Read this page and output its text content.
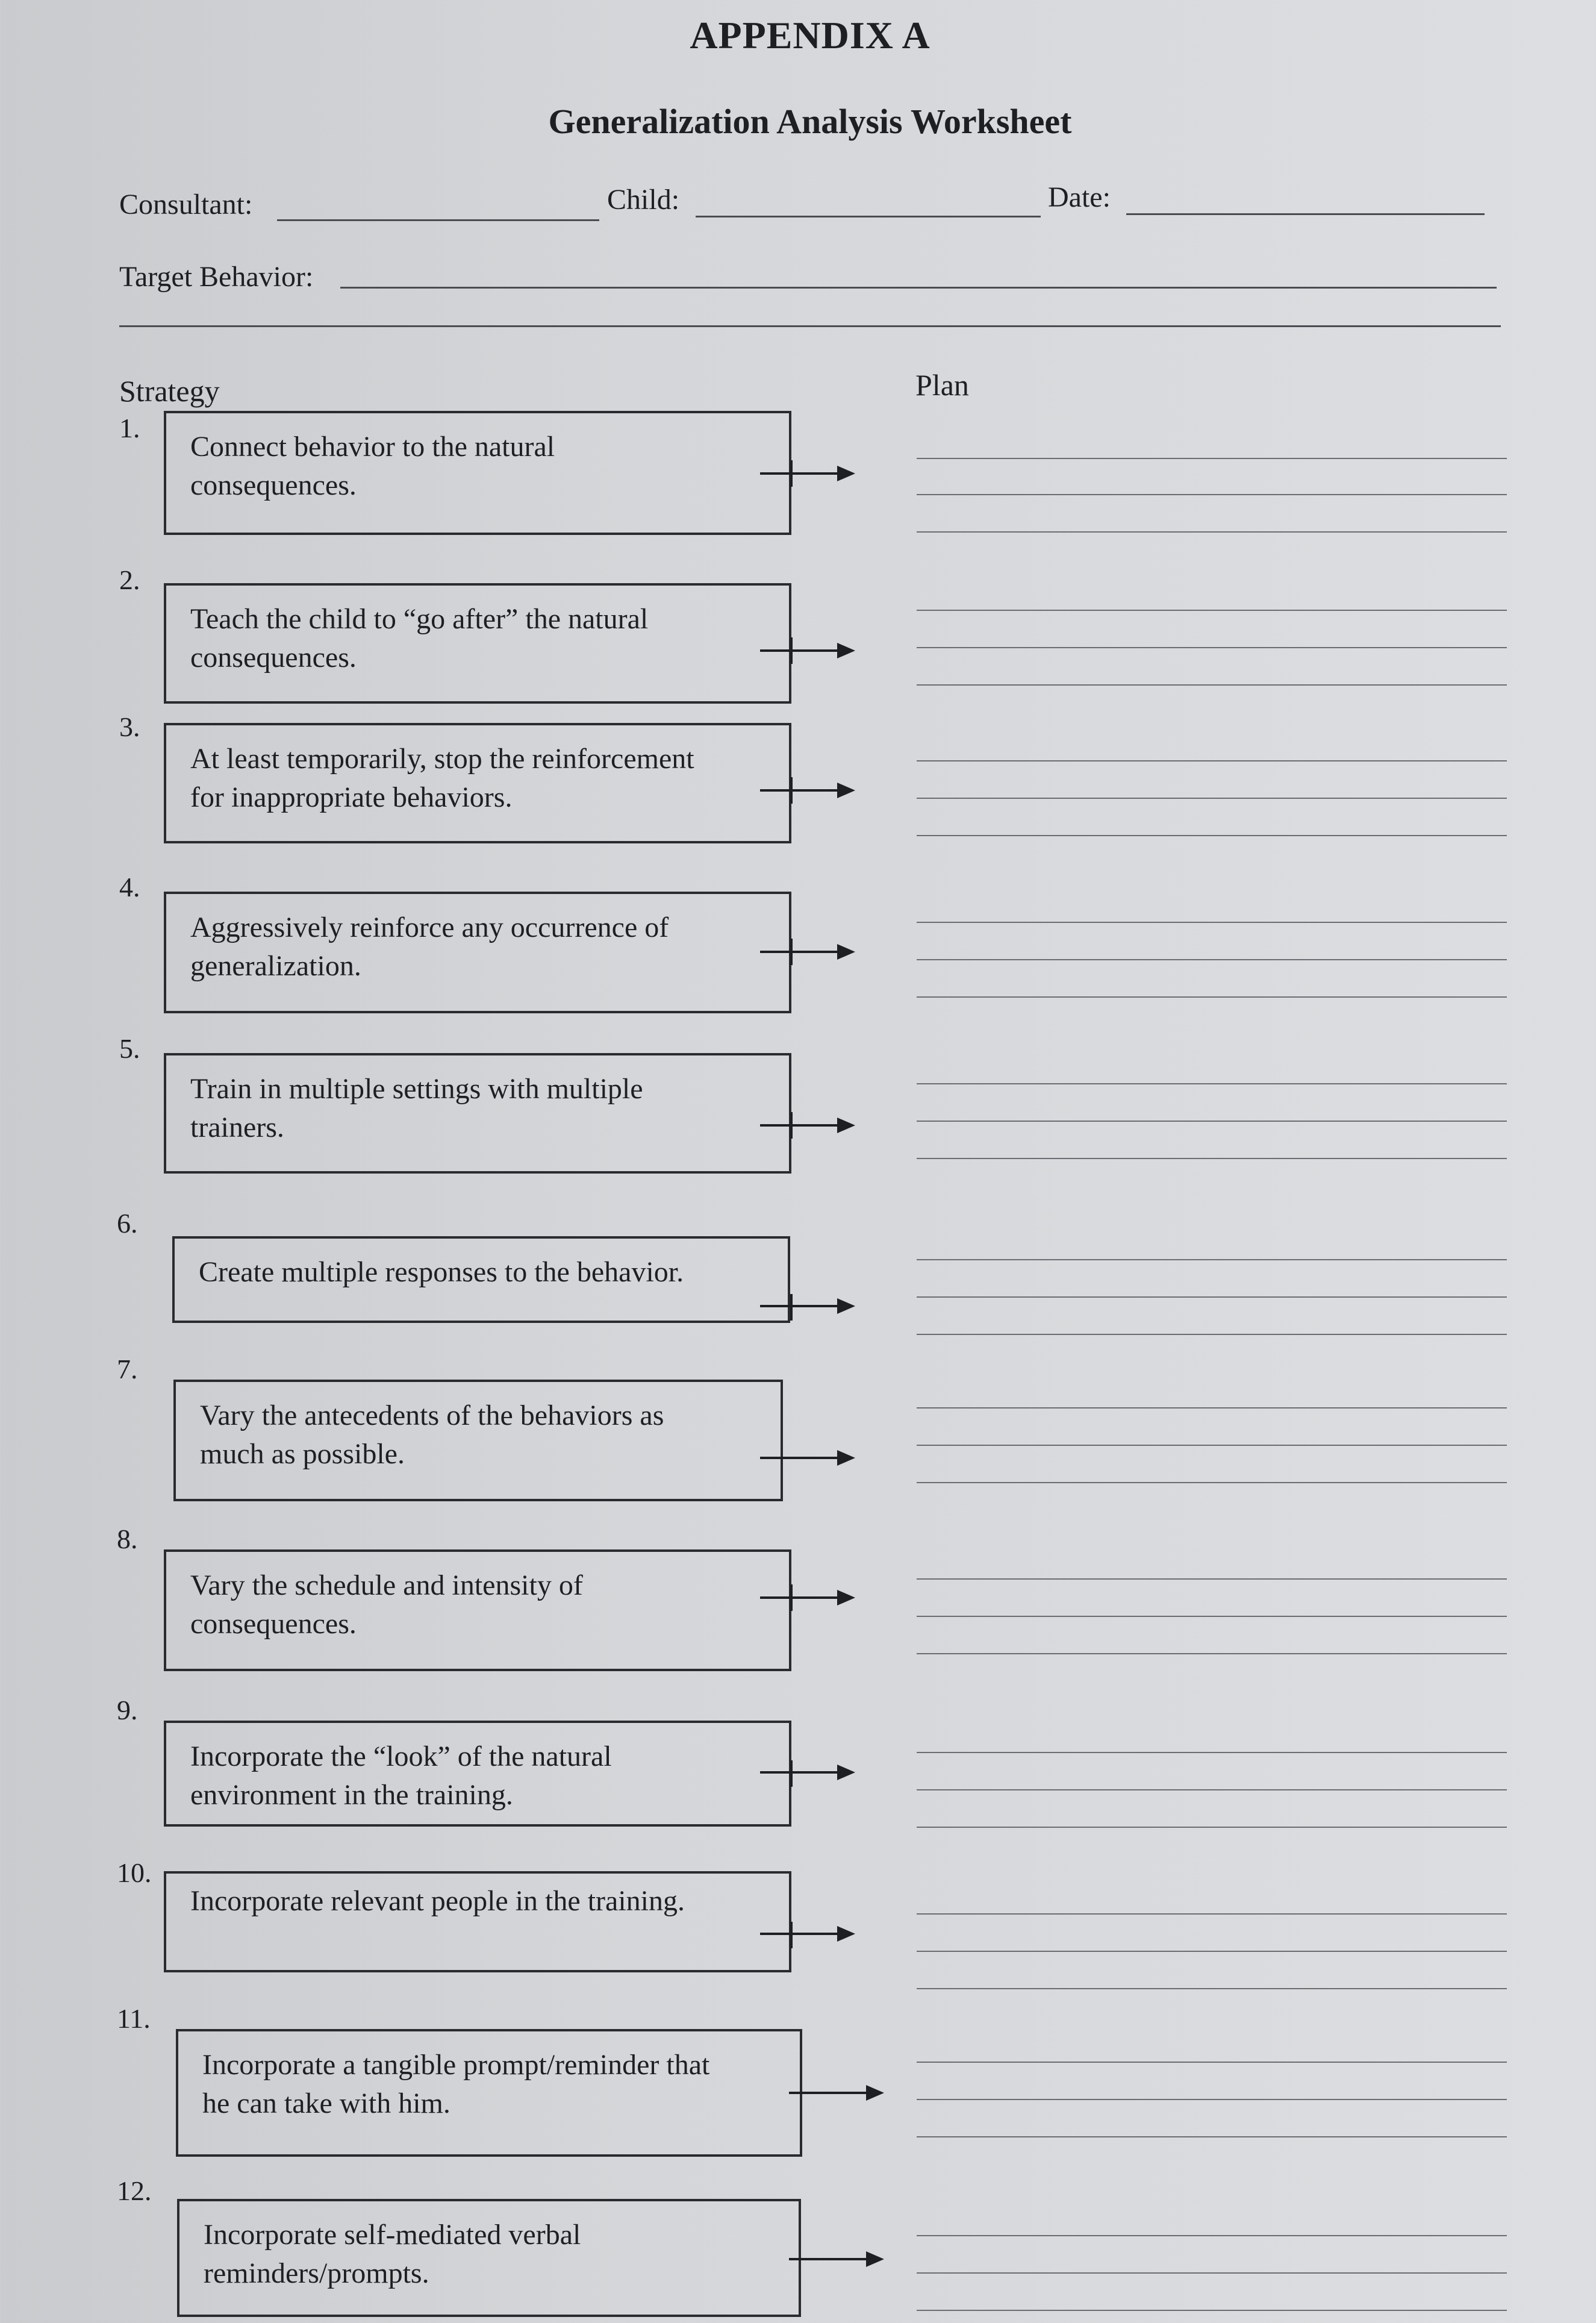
APPENDIX A
Generalization Analysis Worksheet
Consultant:	Child:	Date:
Target Behavior:
Strategy	Plan
1.
Connect behavior to the natural
consequences.
2.
Teach the child to “go after” the natural
consequences.
3.
At least temporarily, stop the reinforcement
for inappropriate behaviors.
4.
Aggressively reinforce any occurrence of
generalization.
5.
Train in multiple settings with multiple
trainers.
6.
Create multiple responses to the behavior.
7.
Vary the antecedents of the behaviors as
much as possible.
8.
Vary the schedule and intensity of
consequences.
9.
Incorporate the “look” of the natural
environment in the training.
10.
Incorporate relevant people in the training.
11.
Incorporate a tangible prompt/reminder that
he can take with him.
12.
Incorporate self-mediated verbal
reminders/prompts.
